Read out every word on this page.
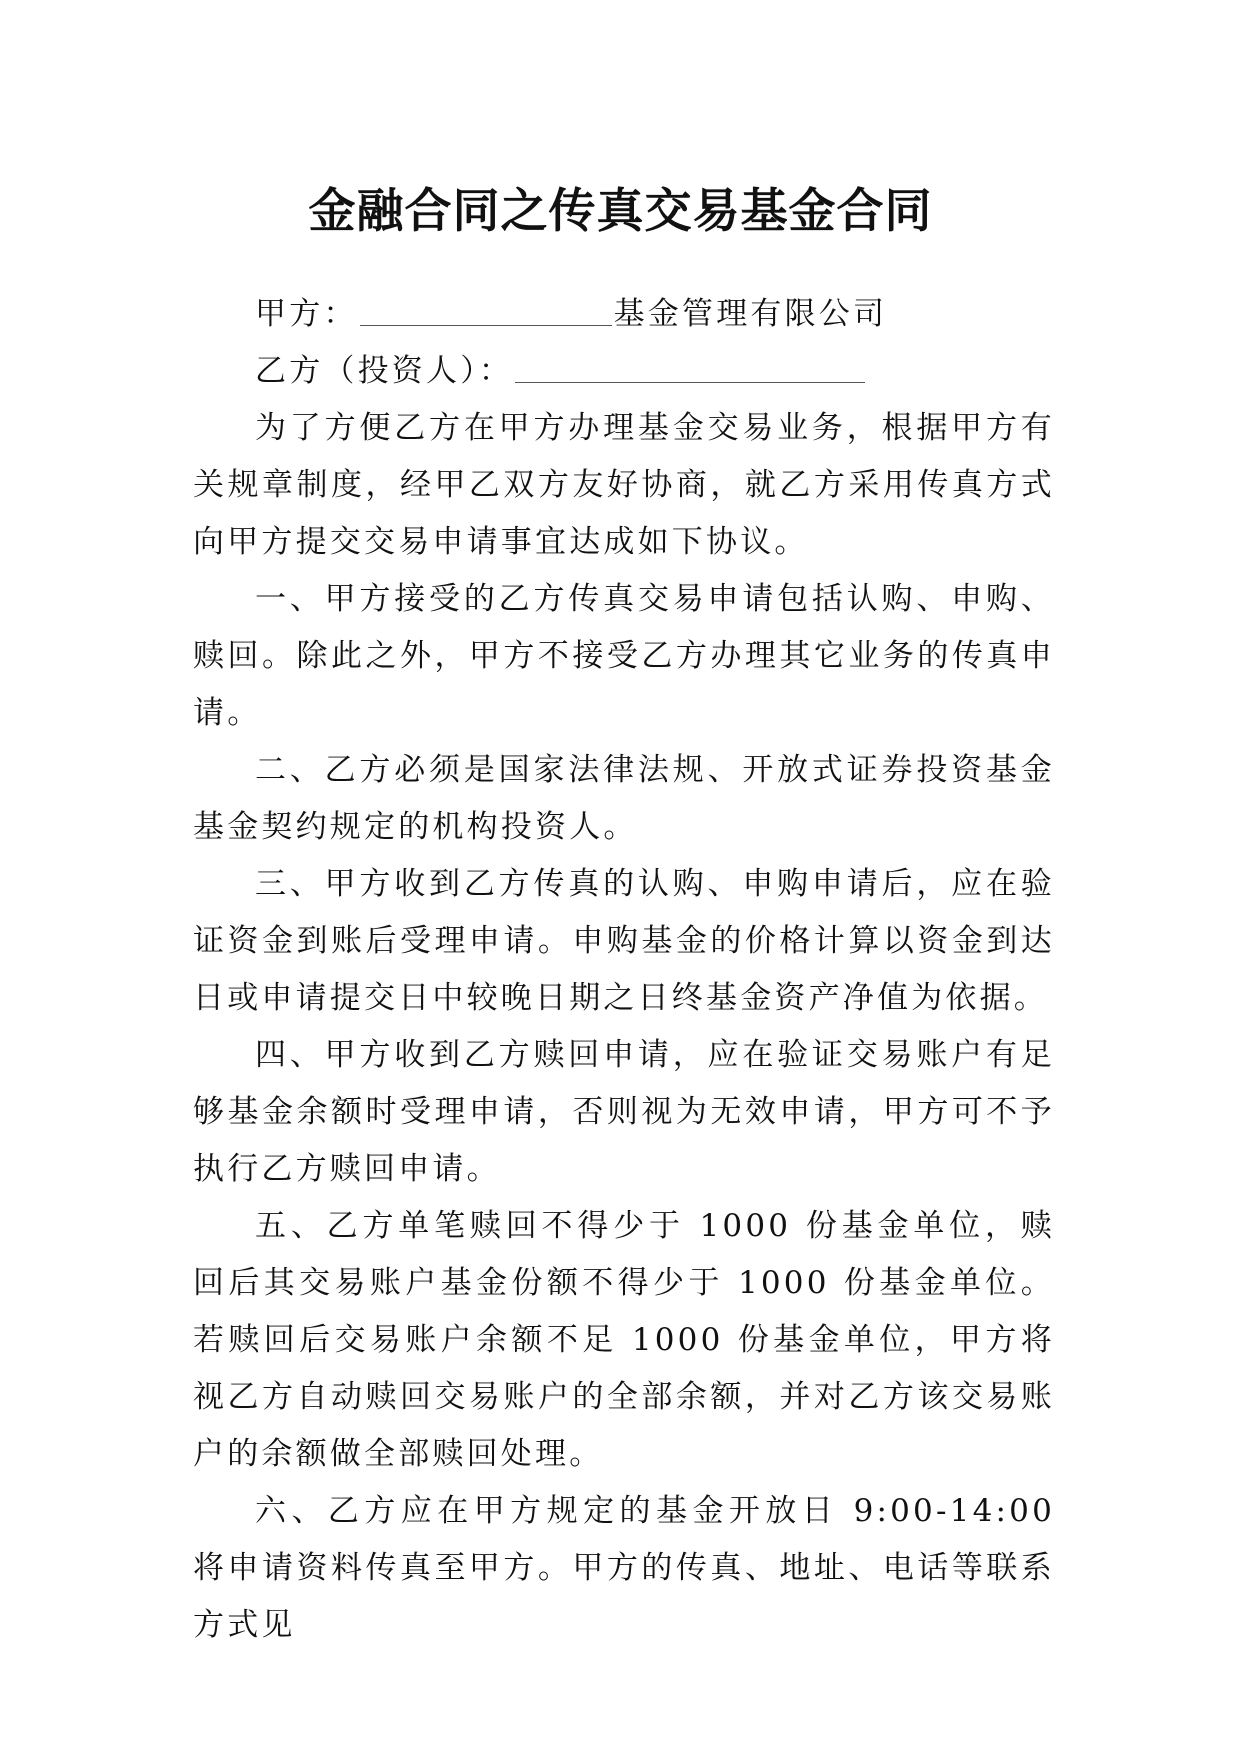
金融合同之传真交易基金合同
甲方：	基金管理有限公司
乙方（投资人）：

为了方便乙方在甲方办理基金交易业务，根据甲方有关规章制度，经甲乙双方友好协商，就乙方采用传真方式向甲方提交交易申请事宜达成如下协议。

一、甲方接受的乙方传真交易申请包括认购、申购、赎回。除此之外，甲方不接受乙方办理其它业务的传真申请。

二、乙方必须是国家法律法规、开放式证券投资基金基金契约规定的机构投资人。

三、甲方收到乙方传真的认购、申购申请后，应在验证资金到账后受理申请。申购基金的价格计算以资金到达日或申请提交日中较晚日期之日终基金资产净值为依据。

四、甲方收到乙方赎回申请，应在验证交易账户有足够基金余额时受理申请，否则视为无效申请，甲方可不予执行乙方赎回申请。

五、乙方单笔赎回不得少于 1000 份基金单位，赎回后其交易账户基金份额不得少于 1000 份基金单位。若赎回后交易账户余额不足 1000 份基金单位，甲方将视乙方自动赎回交易账户的全部余额，并对乙方该交易账户的余额做全部赎回处理。

六、乙方应在甲方规定的基金开放日 9:00-14:00 将申请资料传真至甲方。甲方的传真、地址、电话等联系方式见
